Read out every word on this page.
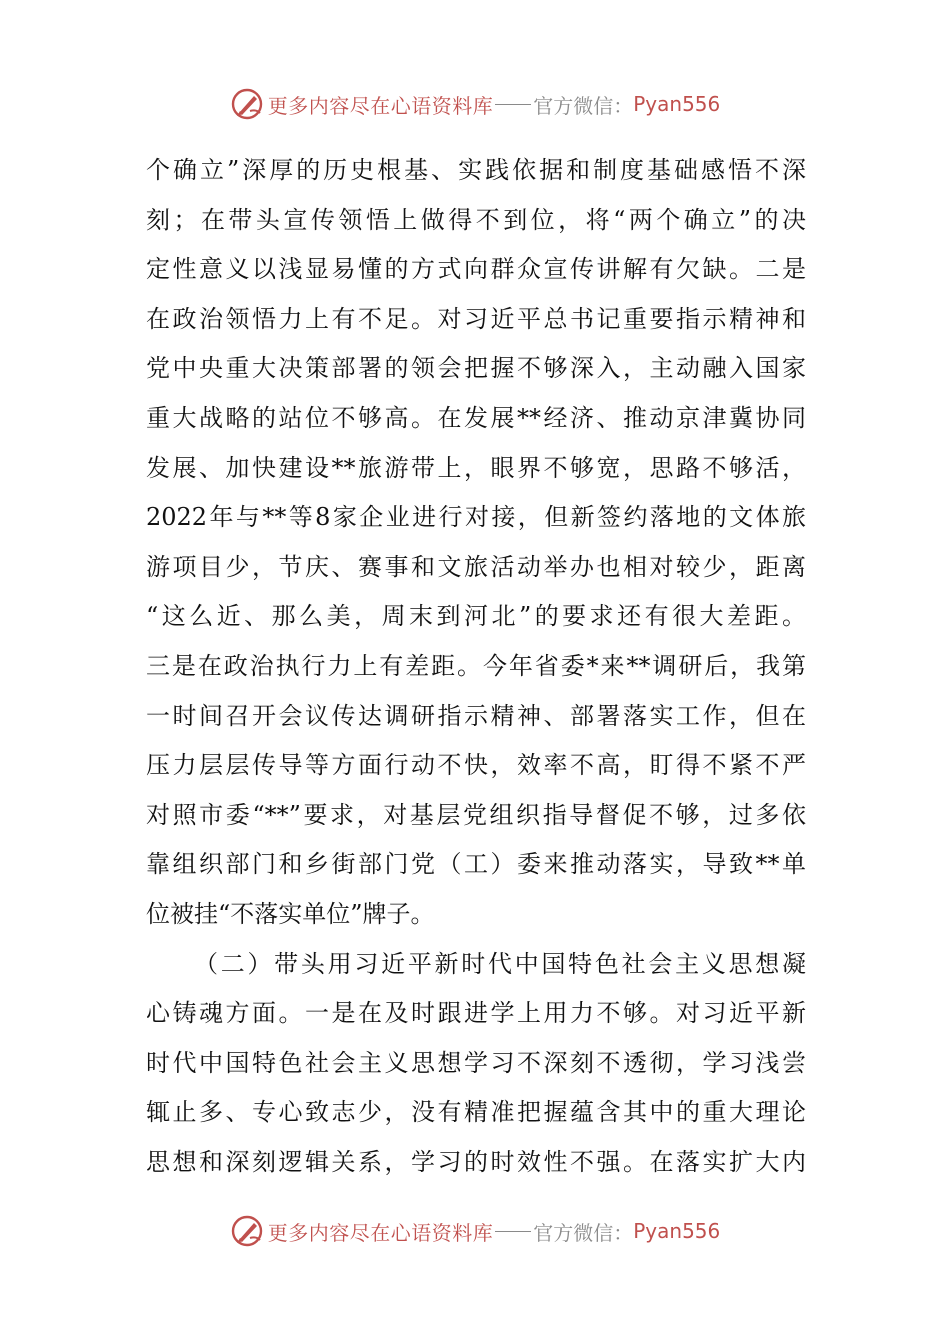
更多内容尽在心语资料库 官方微信： Pyan556
个确立”深厚的历史根基、实践依据和制度基础感悟不深
刻；在带头宣传领悟上做得不到位，将“两个确立”的决
定性意义以浅显易懂的方式向群众宣传讲解有欠缺。二是
在政治领悟力上有不足。对习近平总书记重要指示精神和
党中央重大决策部署的领会把握不够深入，主动融入国家
重大战略的站位不够高。在发展**经济、推动京津冀协同
发展、加快建设**旅游带上，眼界不够宽，思路不够活，
2022年与**等8家企业进行对接，但新签约落地的文体旅
游项目少，节庆、赛事和文旅活动举办也相对较少，距离
“这么近、那么美，周末到河北”的要求还有很大差距。
三是在政治执行力上有差距。今年省委*来**调研后，我第
一时间召开会议传达调研指示精神、部署落实工作，但在
压力层层传导等方面行动不快，效率不高，盯得不紧不严
对照市委“**”要求，对基层党组织指导督促不够，过多依
靠组织部门和乡街部门党（工）委来推动落实，导致**单
位被挂“不落实单位”牌子。
（二）带头用习近平新时代中国特色社会主义思想凝
心铸魂方面。一是在及时跟进学上用力不够。对习近平新
时代中国特色社会主义思想学习不深刻不透彻，学习浅尝
辄止多、专心致志少，没有精准把握蕴含其中的重大理论
思想和深刻逻辑关系，学习的时效性不强。在落实扩大内
更多内容尽在心语资料库 官方微信： Pyan556
